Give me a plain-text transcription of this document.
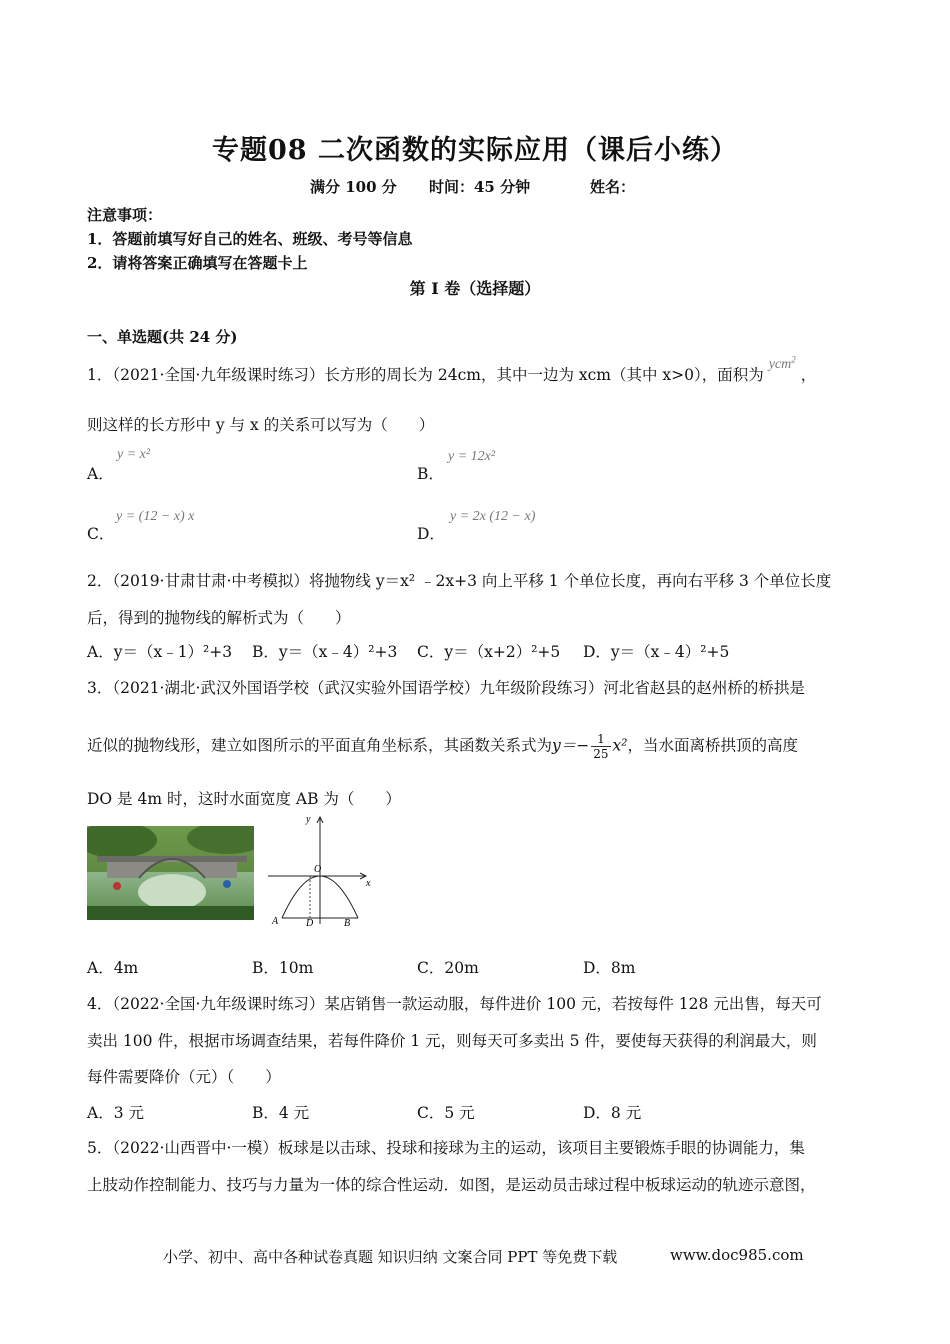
专题08 二次函数的实际应用（课后小练）
满分 100 分 时间：45 分钟	姓名：
注意事项：
1．答题前填写好自己的姓名、班级、考号等信息
2．请将答案正确填写在答题卡上
第 I 卷（选择题）
一、单选题(共 24 分)
1．（2021·全国·九年级课时练习）长方形的周长为 24cm，其中一边为 xcm（其中 x>0），面积为 ycm$^2$ ，
则这样的长方形中 y 与 x 的关系可以写为（　　）
A．
y = x²
B．
y = 12x²
C．
y = (12 − x) x
D．
y = 2x (12 − x)
2．（2019·甘肃甘肃·中考模拟）将抛物线 y＝x² ﹣2x+3 向上平移 1 个单位长度，再向右平移 3 个单位长度
后，得到的抛物线的解析式为（　　）
A．y＝（x﹣1）²+3 B．y＝（x﹣4）²+3 C．y＝（x+2）²+5 D．y＝（x﹣4）²+5
3．（2021·湖北·武汉外国语学校（武汉实验外国语学校）九年级阶段练习）河北省赵县的赵州桥的桥拱是
近似的抛物线形，建立如图所示的平面直角坐标系，其函数关系式为$y=- \frac{1}{25} x^2$，当水面离桥拱顶的高度
DO 是 4m 时，这时水面宽度 AB 为（　　）
y
x
O
A	D	B
A．4m	B．10m	C．20m	D．8m
4．（2022·全国·九年级课时练习）某店销售一款运动服，每件进价 100 元，若按每件 128 元出售，每天可
卖出 100 件，根据市场调查结果，若每件降价 1 元，则每天可多卖出 5 件，要使每天获得的利润最大，则
每件需要降价（元）（　　）
A．3 元	B．4 元	C．5 元	D．8 元
5．（2022·山西晋中·一模）板球是以击球、投球和接球为主的运动，该项目主要锻炼手眼的协调能力，集
上肢动作控制能力、技巧与力量为一体的综合性运动．如图，是运动员击球过程中板球运动的轨迹示意图，
小学、初中、高中各种试卷真题 知识归纳 文案合同 PPT 等免费下载	www.doc985.com
